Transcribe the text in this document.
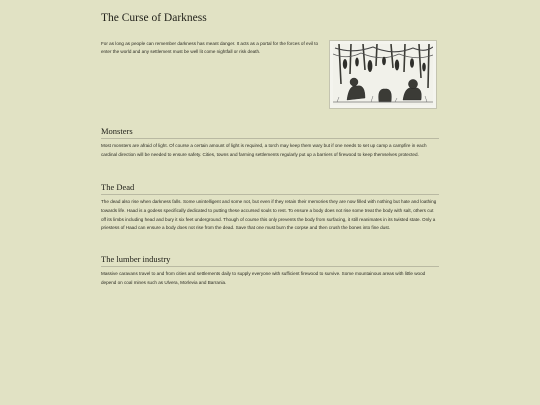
The Curse of Darkness

For as long as people can remember darkness has meant danger. It acts as a portal for the forces of evil to enter the world and any settlement must be well lit come nightfall or risk death.

Monsters

Most monsters are afraid of light. Of course a certain amount of light is required, a torch may keep them wary but if one needs to set up camp a campfire in each cardinal direction will be needed to ensure safety. Cities, towns and farming settlements regularly put up a barriers of firewood to keep themselves protected.

The Dead

The dead also rise when darkness falls. Some unintelligent and some not, but even if they retain their memories they are now filled with nothing but hate and loathing towards life. Haad is a godess specifically dedicated to putting these accursed souls to rest. To ensure a body does not rise some treat the body with salt, others cut off its limbs including head and bury it six feet underground. Though of course this only prevents the body from surfacing, it still reanimates in its twisted state. Only a priestess of Haad can ensure a body does not rise from the dead. Save that one must burn the corpse and then crush the bones into fine dust.

The lumber industry

Massive caravans travel to and from cities and settlements daily to supply everyone with sufficient firewood to survive. Some mountainous areas with little wood depend on coal mines such as Ulvera, Morlevia and Barrania.
